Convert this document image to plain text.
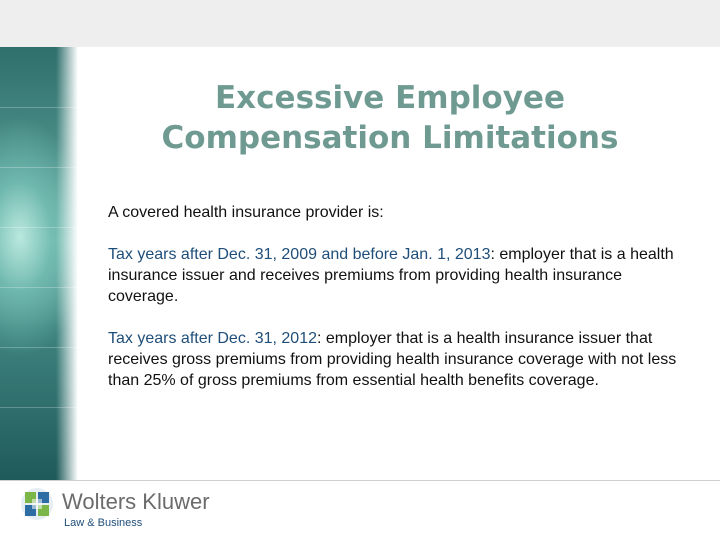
Excessive Employee
Compensation Limitations

A covered health insurance provider is:

Tax years after Dec. 31, 2009 and before Jan. 1, 2013: employer that is a health insurance issuer and receives premiums from providing health insurance coverage.

Tax years after Dec. 31, 2012: employer that is a health insurance issuer that receives gross premiums from providing health insurance coverage with not less than 25% of gross premiums from essential health benefits coverage.

Wolters Kluwer
Law & Business
